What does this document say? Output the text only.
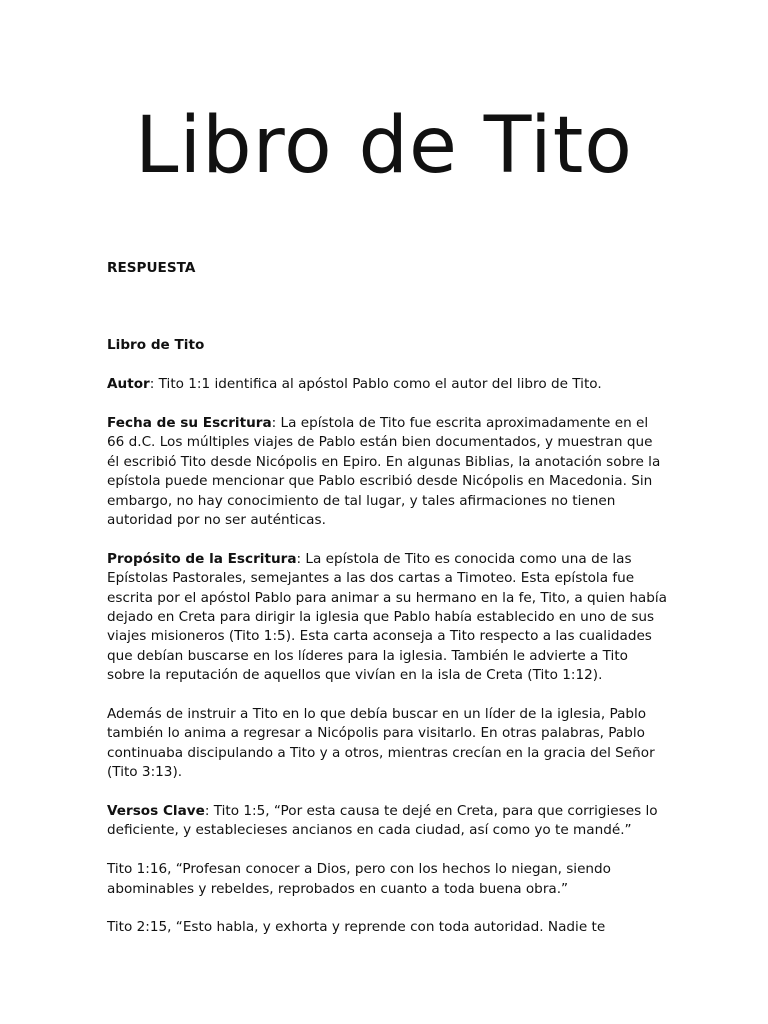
Libro de Tito

RESPUESTA

Libro de Tito

Autor: Tito 1:1 identifica al apóstol Pablo como el autor del libro de Tito.

Fecha de su Escritura: La epístola de Tito fue escrita aproximadamente en el 66 d.C. Los múltiples viajes de Pablo están bien documentados, y muestran que él escribió Tito desde Nicópolis en Epiro. En algunas Biblias, la anotación sobre la epístola puede mencionar que Pablo escribió desde Nicópolis en Macedonia. Sin embargo, no hay conocimiento de tal lugar, y tales afirmaciones no tienen autoridad por no ser auténticas.

Propósito de la Escritura: La epístola de Tito es conocida como una de las Epístolas Pastorales, semejantes a las dos cartas a Timoteo. Esta epístola fue escrita por el apóstol Pablo para animar a su hermano en la fe, Tito, a quien había dejado en Creta para dirigir la iglesia que Pablo había establecido en uno de sus viajes misioneros (Tito 1:5). Esta carta aconseja a Tito respecto a las cualidades que debían buscarse en los líderes para la iglesia. También le advierte a Tito sobre la reputación de aquellos que vivían en la isla de Creta (Tito 1:12).

Además de instruir a Tito en lo que debía buscar en un líder de la iglesia, Pablo también lo anima a regresar a Nicópolis para visitarlo. En otras palabras, Pablo continuaba discipulando a Tito y a otros, mientras crecían en la gracia del Señor (Tito 3:13).

Versos Clave: Tito 1:5, “Por esta causa te dejé en Creta, para que corrigieses lo deficiente, y establecieses ancianos en cada ciudad, así como yo te mandé.”

Tito 1:16, “Profesan conocer a Dios, pero con los hechos lo niegan, siendo abominables y rebeldes, reprobados en cuanto a toda buena obra.”

Tito 2:15, “Esto habla, y exhorta y reprende con toda autoridad. Nadie te
